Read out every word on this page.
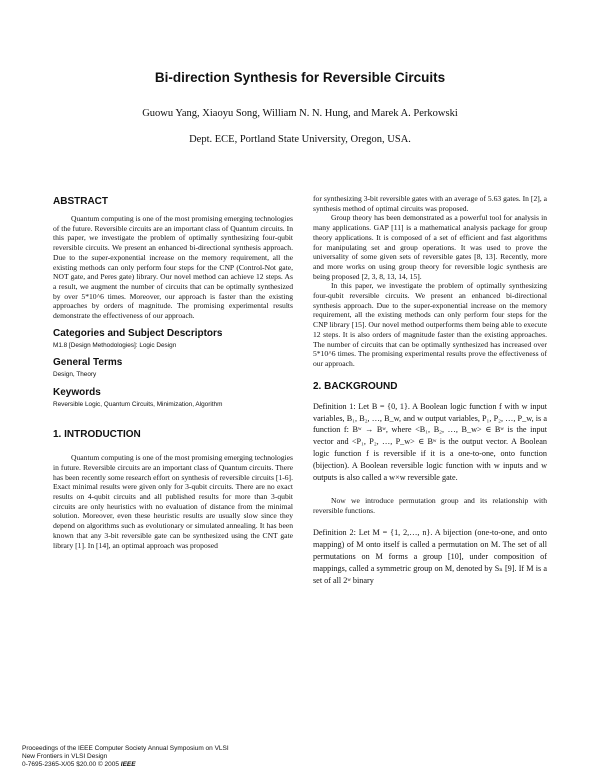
Bi-direction Synthesis for Reversible Circuits
Guowu Yang, Xiaoyu Song, William N. N. Hung, and Marek A. Perkowski
Dept. ECE, Portland State University, Oregon, USA.
ABSTRACT

Quantum computing is one of the most promising emerging technologies of the future. Reversible circuits are an important class of Quantum circuits. In this paper, we investigate the problem of optimally synthesizing four-qubit reversible circuits. We present an enhanced bi-directional synthesis approach. Due to the super-exponential increase on the memory requirement, all the existing methods can only perform four steps for the CNP (Control-Not gate, NOT gate, and Peres gate) library. Our novel method can achieve 12 steps. As a result, we augment the number of circuits that can be optimally synthesized by over 5*10^6 times. Moreover, our approach is faster than the existing approaches by orders of magnitude. The promising experimental results demonstrate the effectiveness of our approach.

Categories and Subject Descriptors

M1.8 [Design Methodologies]: Logic Design

General Terms

Design, Theory

Keywords

Reversible Logic, Quantum Circuits, Minimization, Algorithm

1. INTRODUCTION

Quantum computing is one of the most promising emerging technologies in future. Reversible circuits are an important class of Quantum circuits. There has been recently some research effort on synthesis of reversible circuits [1-6]. Exact minimal results were given only for 3-qubit circuits. There are no exact results on 4-qubit circuits and all published results for more than 3-qubit circuits are only heuristics with no evaluation of distance from the minimal solution. Moreover, even these heuristic results are usually slow since they depend on algorithms such as evolutionary or simulated annealing. It has been known that any 3-bit reversible gate can be synthesized using the CNT gate library [1]. In [14], an optimal approach was proposed

for synthesizing 3-bit reversible gates with an average of 5.63 gates. In [2], a synthesis method of optimal circuits was proposed.

Group theory has been demonstrated as a powerful tool for analysis in many applications. GAP [11] is a mathematical analysis package for group theory applications. It is composed of a set of efficient and fast algorithms for manipulating set and group operations. It was used to prove the universality of some given sets of reversible gates [8, 13]. Recently, more and more works on using group theory for reversible logic synthesis are being proposed [2, 3, 8, 13, 14, 15].

In this paper, we investigate the problem of optimally synthesizing four-qubit reversible circuits. We present an enhanced bi-directional synthesis approach. Due to the super-exponential increase on the memory requirement, all the existing methods can only perform four steps for the CNP library [15]. Our novel method outperforms them being able to execute 12 steps. It is also orders of magnitude faster than the existing approaches. The number of circuits that can be optimally synthesized has increased over 5*10^6 times. The promising experimental results prove the effectiveness of our approach.

2. BACKGROUND

Definition 1: Let B = {0, 1}. A Boolean logic function f with w input variables, B₁, B₂, …, B_w, and w output variables, P₁, P₂, …, P_w, is a function f: Bʷ → Bʷ, where <B₁, B₂, …, B_w> ∈ Bʷ is the input vector and <P₁, P₂, …, P_w> ∈ Bʷ is the output vector. A Boolean logic function f is reversible if it is a one-to-one, onto function (bijection). A Boolean reversible logic function with w inputs and w outputs is also called a w×w reversible gate.

Now we introduce permutation group and its relationship with reversible functions.

Definition 2: Let M = {1, 2,…, n}. A bijection (one-to-one, and onto mapping) of M onto itself is called a permutation on M. The set of all permutations on M forms a group [10], under composition of mappings, called a symmetric group on M, denoted by Sₙ [9]. If M is a set of all 2ʷ binary

Proceedings of the IEEE Computer Society Annual Symposium on VLSI
New Frontiers in VLSI Design
0-7695-2365-X/05 $20.00 © 2005 IEEE
